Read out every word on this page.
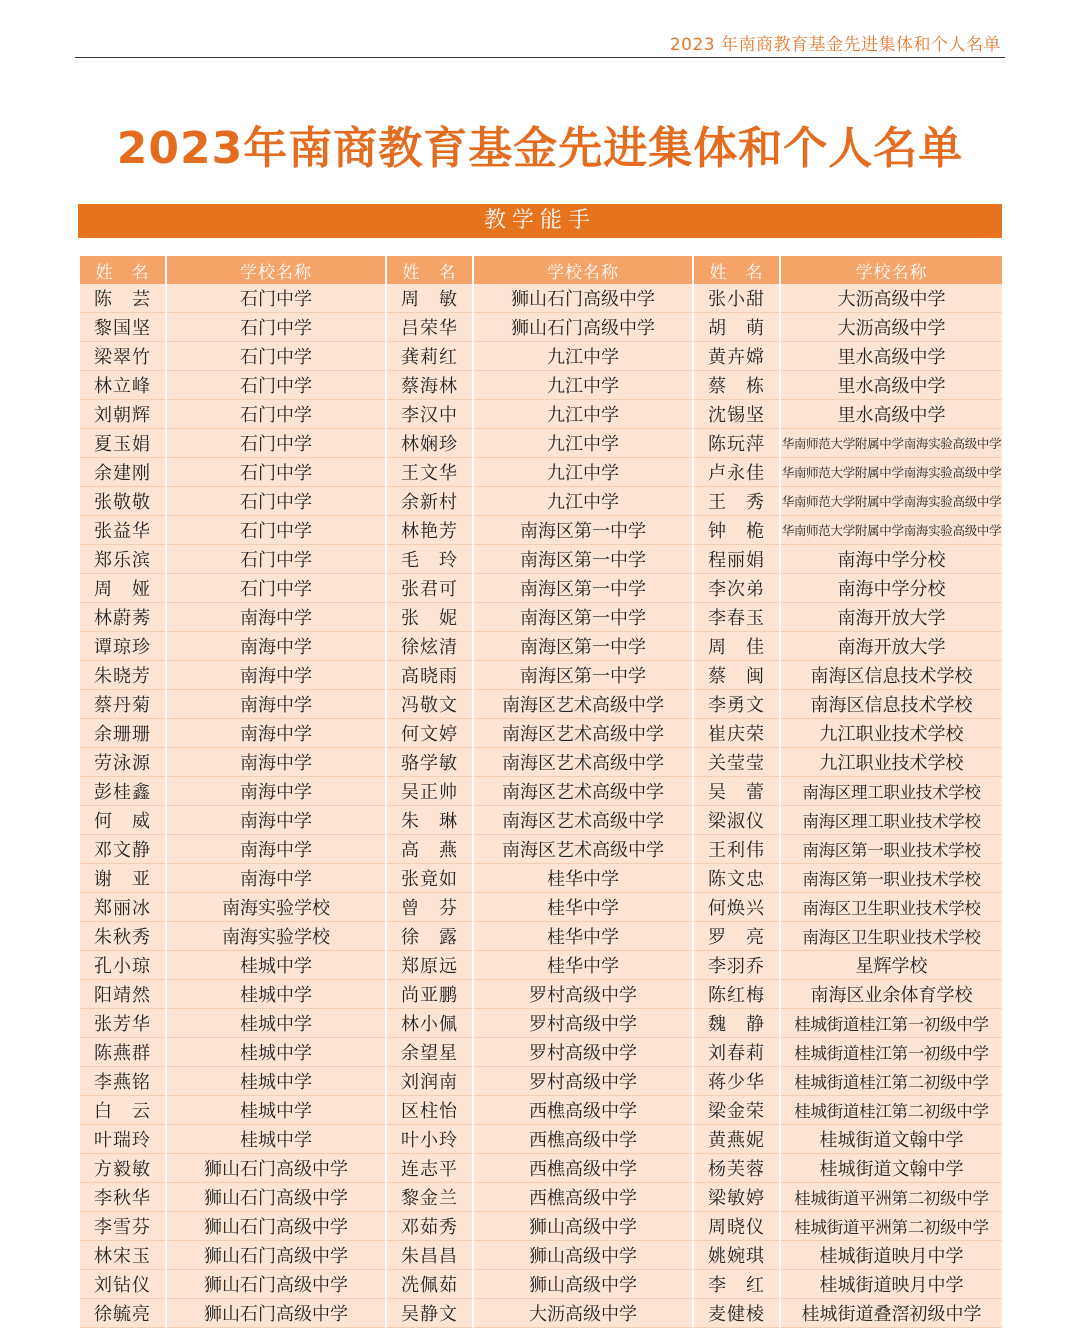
2023 年南商教育基金先进集体和个人名单
2023年南商教育基金先进集体和个人名单
教学能手
姓　名	学校名称	姓　名	学校名称	姓　名	学校名称
陈　芸	石门中学	周　敏	狮山石门高级中学	张小甜	大沥高级中学
黎国坚	石门中学	吕荣华	狮山石门高级中学	胡　萌	大沥高级中学
梁翠竹	石门中学	龚莉红	九江中学	黄卉嫦	里水高级中学
林立峰	石门中学	蔡海林	九江中学	蔡　栋	里水高级中学
刘朝辉	石门中学	李汉中	九江中学	沈锡坚	里水高级中学
夏玉娟	石门中学	林娴珍	九江中学	陈玩萍	华南师范大学附属中学南海实验高级中学
余建刚	石门中学	王文华	九江中学	卢永佳	华南师范大学附属中学南海实验高级中学
张敬敬	石门中学	余新村	九江中学	王　秀	华南师范大学附属中学南海实验高级中学
张益华	石门中学	林艳芳	南海区第一中学	钟　桅	华南师范大学附属中学南海实验高级中学
郑乐滨	石门中学	毛　玲	南海区第一中学	程丽娟	南海中学分校
周　娅	石门中学	张君可	南海区第一中学	李次弟	南海中学分校
林蔚莠	南海中学	张　妮	南海区第一中学	李春玉	南海开放大学
谭琼珍	南海中学	徐炫清	南海区第一中学	周　佳	南海开放大学
朱晓芳	南海中学	高晓雨	南海区第一中学	蔡　闽	南海区信息技术学校
蔡丹菊	南海中学	冯敬文	南海区艺术高级中学	李勇文	南海区信息技术学校
余珊珊	南海中学	何文婷	南海区艺术高级中学	崔庆荣	九江职业技术学校
劳泳源	南海中学	骆学敏	南海区艺术高级中学	关莹莹	九江职业技术学校
彭桂鑫	南海中学	吴正帅	南海区艺术高级中学	吴　蕾	南海区理工职业技术学校
何　威	南海中学	朱　琳	南海区艺术高级中学	梁淑仪	南海区理工职业技术学校
邓文静	南海中学	高　燕	南海区艺术高级中学	王利伟	南海区第一职业技术学校
谢　亚	南海中学	张竟如	桂华中学	陈文忠	南海区第一职业技术学校
郑丽冰	南海实验学校	曾　芬	桂华中学	何焕兴	南海区卫生职业技术学校
朱秋秀	南海实验学校	徐　露	桂华中学	罗　亮	南海区卫生职业技术学校
孔小琼	桂城中学	郑原远	桂华中学	李羽乔	星辉学校
阳靖然	桂城中学	尚亚鹏	罗村高级中学	陈红梅	南海区业余体育学校
张芳华	桂城中学	林小佩	罗村高级中学	魏　静	桂城街道桂江第一初级中学
陈燕群	桂城中学	余望星	罗村高级中学	刘春莉	桂城街道桂江第一初级中学
李燕铭	桂城中学	刘润南	罗村高级中学	蒋少华	桂城街道桂江第二初级中学
白　云	桂城中学	区柱怡	西樵高级中学	梁金荣	桂城街道桂江第二初级中学
叶瑞玲	桂城中学	叶小玲	西樵高级中学	黄燕妮	桂城街道文翰中学
方毅敏	狮山石门高级中学	连志平	西樵高级中学	杨芙蓉	桂城街道文翰中学
李秋华	狮山石门高级中学	黎金兰	西樵高级中学	梁敏婷	桂城街道平洲第二初级中学
李雪芬	狮山石门高级中学	邓茹秀	狮山高级中学	周晓仪	桂城街道平洲第二初级中学
林宋玉	狮山石门高级中学	朱昌昌	狮山高级中学	姚婉琪	桂城街道映月中学
刘钻仪	狮山石门高级中学	冼佩茹	狮山高级中学	李　红	桂城街道映月中学
徐毓亮	狮山石门高级中学	吴静文	大沥高级中学	麦健棱	桂城街道叠滘初级中学
